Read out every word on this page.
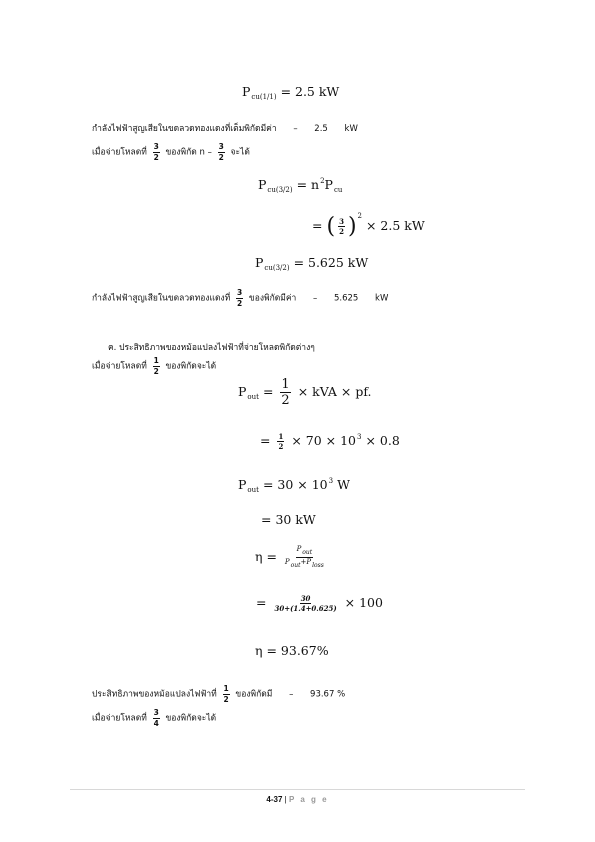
$P_{cu(1/1)} = 2.5$ kW
กำลังไฟฟ้าสูญเสียในขดลวดทองแดงที่เต็มพิกัดมีค่า – 2.5 kW
เมื่อจ่ายโหลดที่ $\frac{3}{2}$ ของพิกัด n – $\frac{3}{2}$ จะได้
$P_{cu(3/2)} = n^2P_{cu}$
= ( $\frac{3}{2} )^2 \times 2.5$ kW
$P_{cu(3/2)} = 5.625$ kW
กำลังไฟฟ้าสูญเสียในขดลวดทองแดงที่ $\frac{3}{2}$ ของพิกัดมีค่า – 5.625 kW
ค. ประสิทธิภาพของหม้อแปลงไฟฟ้าที่จ่ายโหลดพิกัดต่างๆ
เมื่อจ่ายโหลดที่ $\frac{1}{2}$ ของพิกัดจะได้
$P_{out} = \frac{1}{2}$ × kVA × pf.
= $\frac{1}{2} \times 70 \times 10^3 \times 0.8$
$P_{out} = 30 \times 10^3$ W
= 30 kW
$\eta = \frac{\text{Pout}}{\text{Pout+Ploss}}$
= $\frac{30}{30+(1.4+0.625)} \times 100$
η = 93.67%
ประสิทธิภาพของหม้อแปลงไฟฟ้าที่ $\frac{1}{2}$ ของพิกัดมี – 93.67 %
เมื่อจ่ายโหลดที่ $\frac{3}{4}$ ของพิกัดจะได้
4-37 | P a g e
